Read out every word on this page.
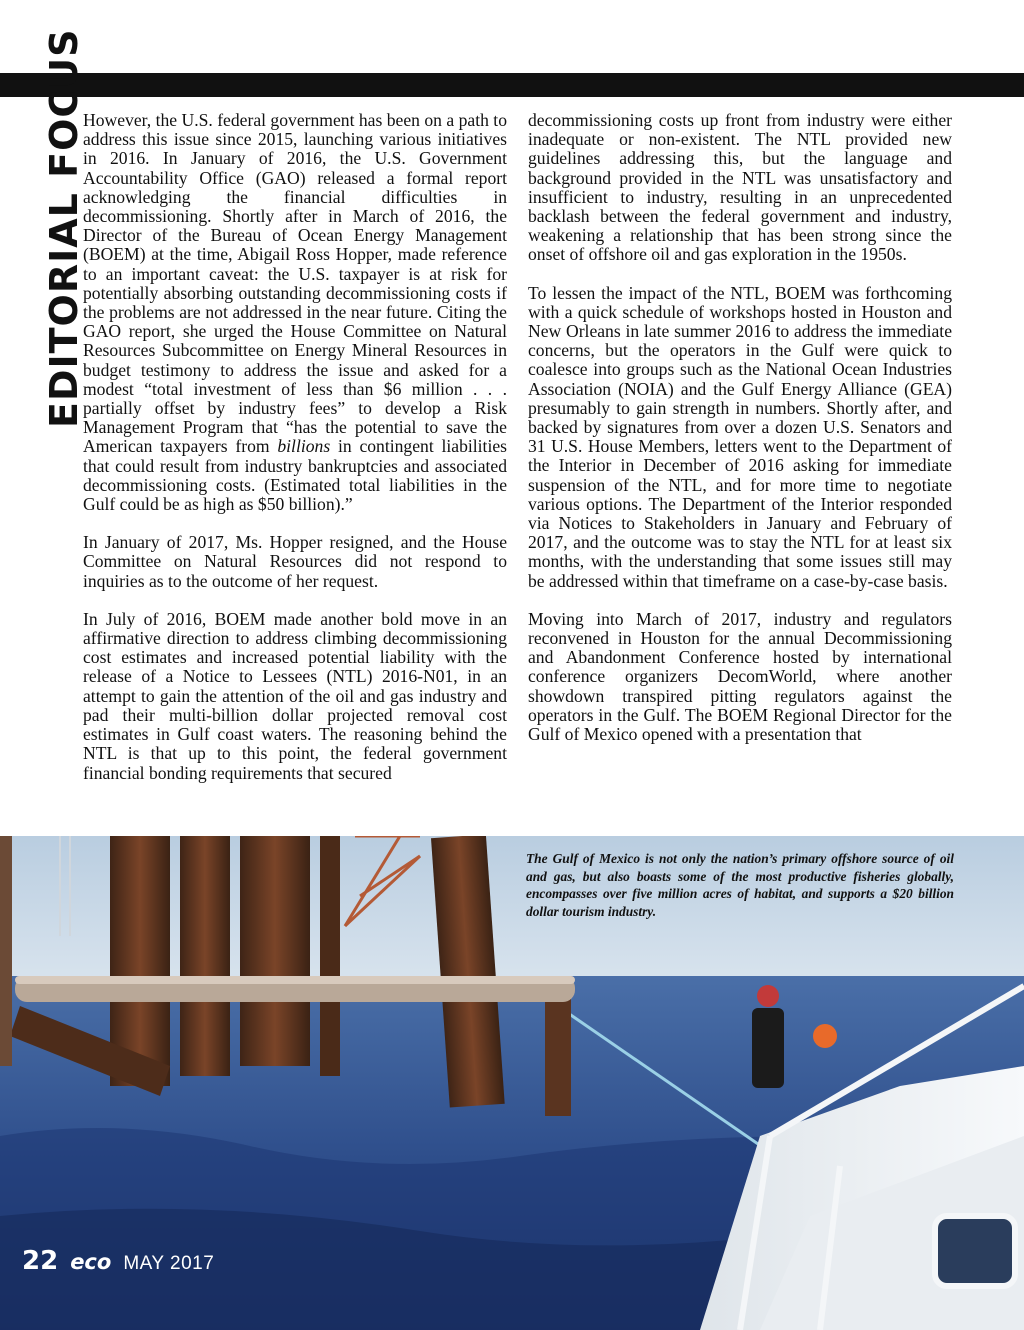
EDITORIAL FOCUS

However, the U.S. federal government has been on a path to address this issue since 2015, launching various initiatives in 2016. In January of 2016, the U.S. Government Accountability Office (GAO) released a formal report acknowledging the financial difficulties in decommissioning. Shortly after in March of 2016, the Director of the Bureau of Ocean Energy Management (BOEM) at the time, Abigail Ross Hopper, made reference to an important caveat: the U.S. taxpayer is at risk for potentially absorbing outstanding decommissioning costs if the problems are not addressed in the near future. Citing the GAO report, she urged the House Committee on Natural Resources Subcommittee on Energy Mineral Resources in budget testimony to address the issue and asked for a modest “total investment of less than $6 million . . . partially offset by industry fees” to develop a Risk Management Program that “has the potential to save the American taxpayers from billions in contingent liabilities that could result from industry bankruptcies and associated decommissioning costs. (Estimated total liabilities in the Gulf could be as high as $50 billion).”

In January of 2017, Ms. Hopper resigned, and the House Committee on Natural Resources did not respond to inquiries as to the outcome of her request.

In July of 2016, BOEM made another bold move in an affirmative direction to address climbing decommissioning cost estimates and increased potential liability with the release of a Notice to Lessees (NTL) 2016-N01, in an attempt to gain the attention of the oil and gas industry and pad their multi-billion dollar projected removal cost estimates in Gulf coast waters. The reasoning behind the NTL is that up to this point, the federal government financial bonding requirements that secured

decommissioning costs up front from industry were either inadequate or non-existent. The NTL provided new guidelines addressing this, but the language and background provided in the NTL was unsatisfactory and insufficient to industry, resulting in an unprecedented backlash between the federal government and industry, weakening a relationship that has been strong since the onset of offshore oil and gas exploration in the 1950s.

To lessen the impact of the NTL, BOEM was forthcoming with a quick schedule of workshops hosted in Houston and New Orleans in late summer 2016 to address the immediate concerns, but the operators in the Gulf were quick to coalesce into groups such as the National Ocean Industries Association (NOIA) and the Gulf Energy Alliance (GEA) presumably to gain strength in numbers. Shortly after, and backed by signatures from over a dozen U.S. Senators and 31 U.S. House Members, letters went to the Department of the Interior in December of 2016 asking for immediate suspension of the NTL, and for more time to negotiate various options. The Department of the Interior responded via Notices to Stakeholders in January and February of 2017, and the outcome was to stay the NTL for at least six months, with the understanding that some issues still may be addressed within that timeframe on a case-by-case basis.

Moving into March of 2017, industry and regulators reconvened in Houston for the annual Decommissioning and Abandonment Conference hosted by international conference organizers DecomWorld, where another showdown transpired pitting regulators against the operators in the Gulf. The BOEM Regional Director for the Gulf of Mexico opened with a presentation that

The Gulf of Mexico is not only the nation’s primary offshore source of oil and gas, but also boasts some of the most productive fisheries globally, encompasses over five million acres of habitat, and supports a $20 billion dollar tourism industry.
22 eco MAY 2017
